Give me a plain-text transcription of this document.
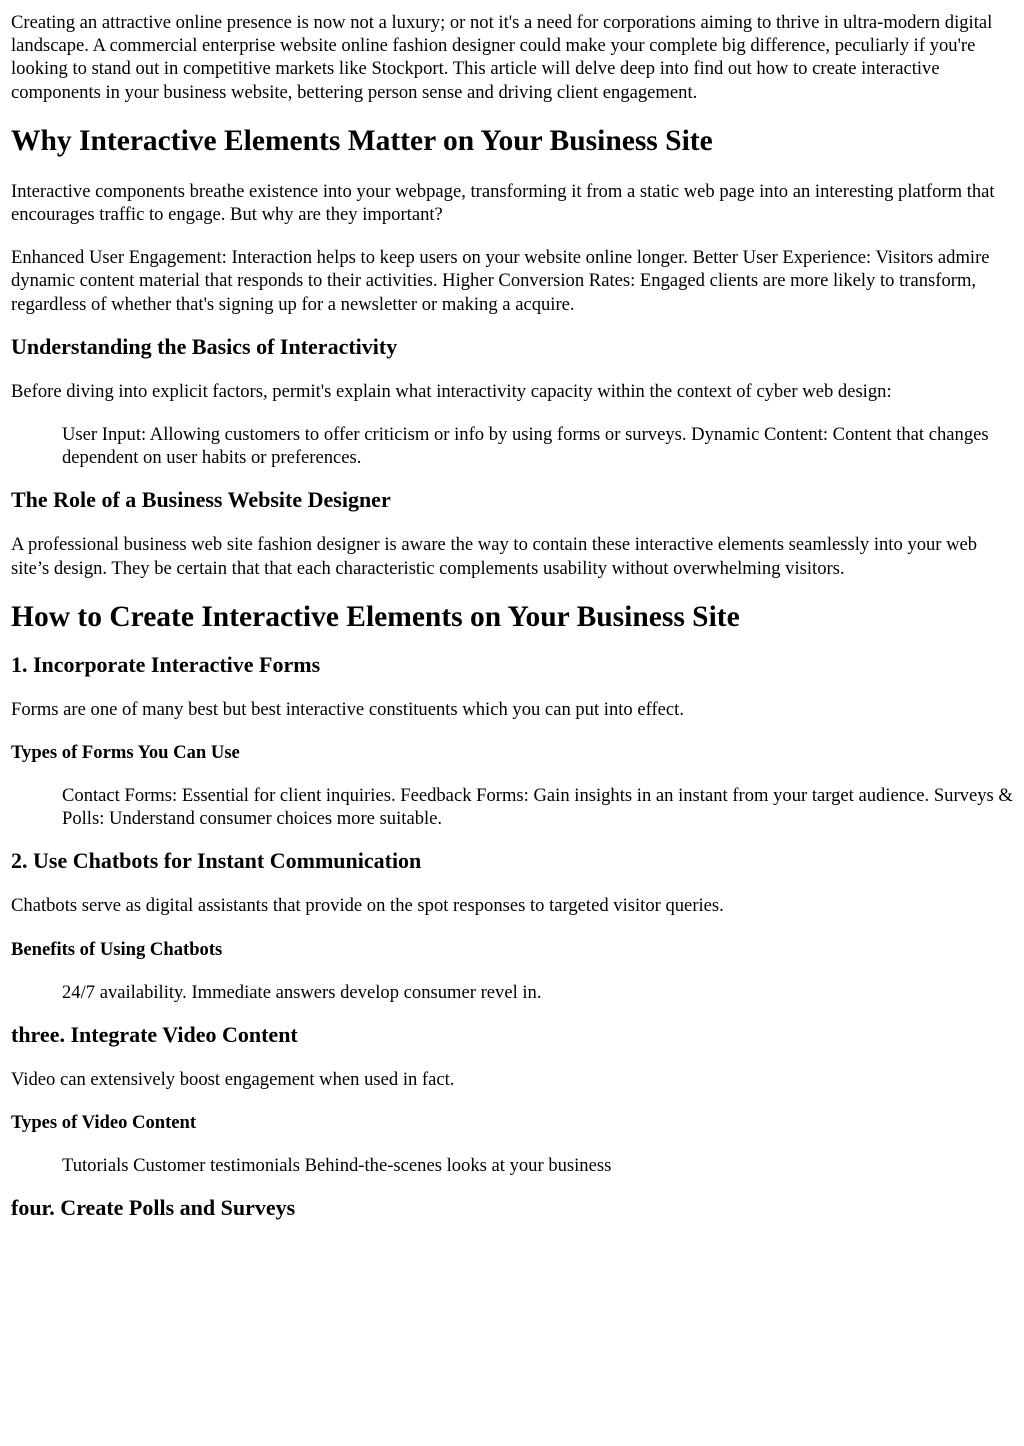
Creating an attractive online presence is now not a luxury; or not it's a need for corporations aiming to thrive in ultra-modern digital landscape. A commercial enterprise website online fashion designer could make your complete big difference, peculiarly if you're looking to stand out in competitive markets like Stockport. This article will delve deep into find out how to create interactive components in your business website, bettering person sense and driving client engagement.

Why Interactive Elements Matter on Your Business Site

Interactive components breathe existence into your webpage, transforming it from a static web page into an interesting platform that encourages traffic to engage. But why are they important?

Enhanced User Engagement: Interaction helps to keep users on your website online longer. Better User Experience: Visitors admire dynamic content material that responds to their activities. Higher Conversion Rates: Engaged clients are more likely to transform, regardless of whether that's signing up for a newsletter or making a acquire.

Understanding the Basics of Interactivity

Before diving into explicit factors, permit's explain what interactivity capacity within the context of cyber web design:

User Input: Allowing customers to offer criticism or info by using forms or surveys. Dynamic Content: Content that changes dependent on user habits or preferences.

The Role of a Business Website Designer

A professional business web site fashion designer is aware the way to contain these interactive elements seamlessly into your web site’s design. They be certain that that each characteristic complements usability without overwhelming visitors.

How to Create Interactive Elements on Your Business Site
1. Incorporate Interactive Forms

Forms are one of many best but best interactive constituents which you can put into effect.

Types of Forms You Can Use

Contact Forms: Essential for client inquiries. Feedback Forms: Gain insights in an instant from your target audience. Surveys & Polls: Understand consumer choices more suitable.

2. Use Chatbots for Instant Communication

Chatbots serve as digital assistants that provide on the spot responses to targeted visitor queries.

Benefits of Using Chatbots

24/7 availability. Immediate answers develop consumer revel in.

three. Integrate Video Content

Video can extensively boost engagement when used in fact.

Types of Video Content

Tutorials Customer testimonials Behind-the-scenes looks at your business

four. Create Polls and Surveys
